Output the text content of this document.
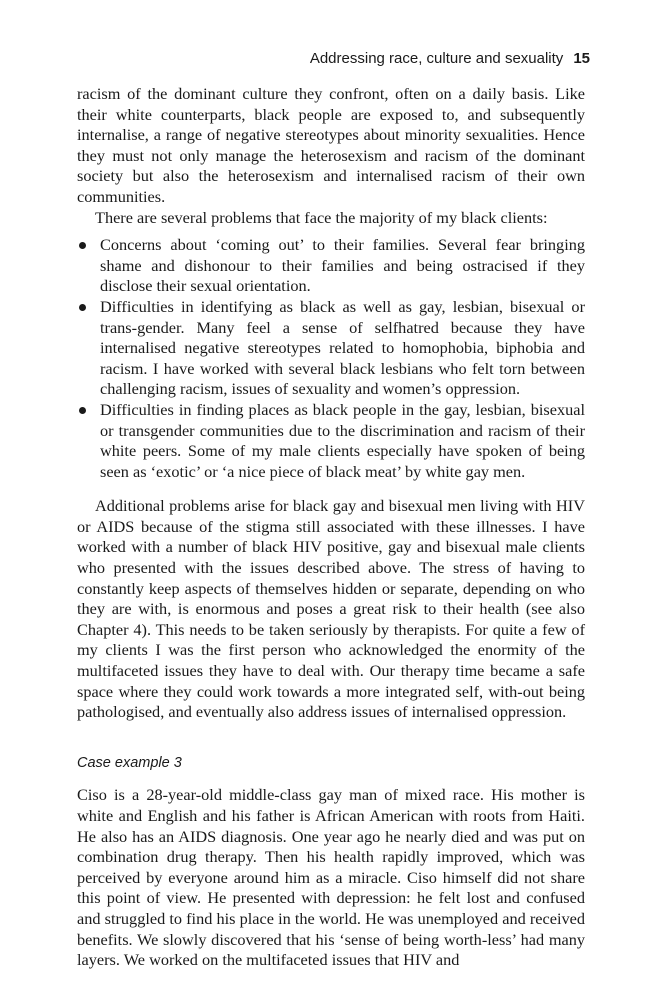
Addressing race, culture and sexuality 15

racism of the dominant culture they confront, often on a daily basis. Like their white counterparts, black people are exposed to, and subsequently internalise, a range of negative stereotypes about minority sexualities. Hence they must not only manage the heterosexism and racism of the dominant society but also the heterosexism and internalised racism of their own communities.

There are several problems that face the majority of my black clients:

Concerns about ‘coming out’ to their families. Several fear bringing shame and dishonour to their families and being ostracised if they disclose their sexual orientation.
Difficulties in identifying as black as well as gay, lesbian, bisexual or trans-gender. Many feel a sense of selfhatred because they have internalised negative stereotypes related to homophobia, biphobia and racism. I have worked with several black lesbians who felt torn between challenging racism, issues of sexuality and women’s oppression.
Difficulties in finding places as black people in the gay, lesbian, bisexual or transgender communities due to the discrimination and racism of their white peers. Some of my male clients especially have spoken of being seen as ‘exotic’ or ‘a nice piece of black meat’ by white gay men.

Additional problems arise for black gay and bisexual men living with HIV or AIDS because of the stigma still associated with these illnesses. I have worked with a number of black HIV positive, gay and bisexual male clients who presented with the issues described above. The stress of having to constantly keep aspects of themselves hidden or separate, depending on who they are with, is enormous and poses a great risk to their health (see also Chapter 4). This needs to be taken seriously by therapists. For quite a few of my clients I was the first person who acknowledged the enormity of the multifaceted issues they have to deal with. Our therapy time became a safe space where they could work towards a more integrated self, with-out being pathologised, and eventually also address issues of internalised oppression.

Case example 3

Ciso is a 28-year-old middle-class gay man of mixed race. His mother is white and English and his father is African American with roots from Haiti. He also has an AIDS diagnosis. One year ago he nearly died and was put on combination drug therapy. Then his health rapidly improved, which was perceived by everyone around him as a miracle. Ciso himself did not share this point of view. He presented with depression: he felt lost and confused and struggled to find his place in the world. He was unemployed and received benefits. We slowly discovered that his ‘sense of being worth-less’ had many layers. We worked on the multifaceted issues that HIV and
